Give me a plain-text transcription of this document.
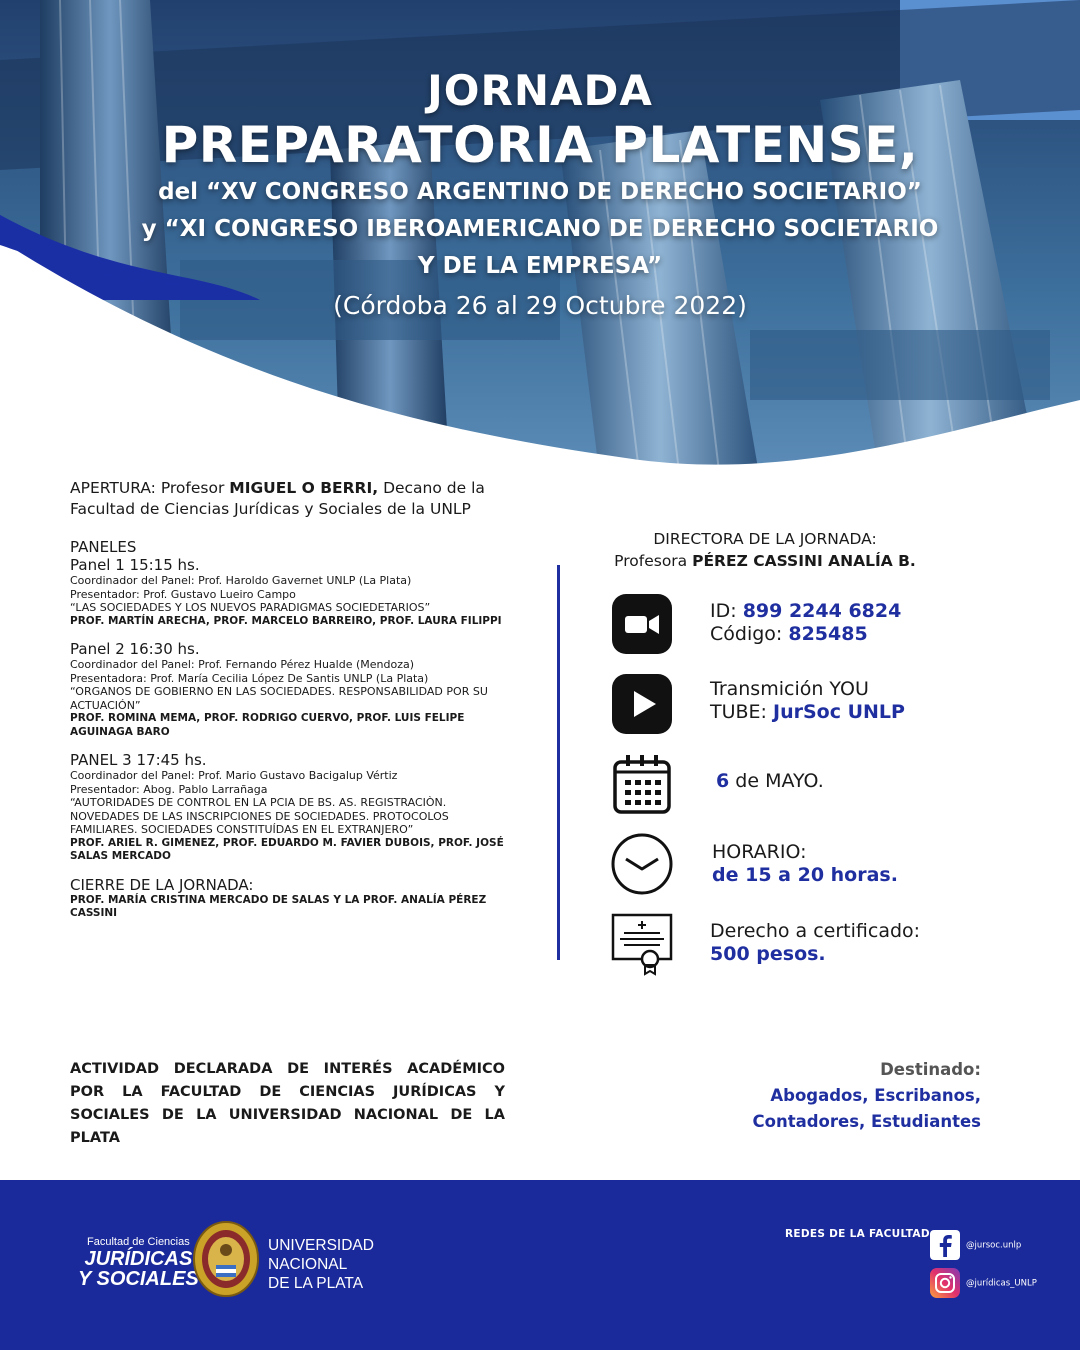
JORNADA
PREPARATORIA PLATENSE,
del “XV CONGRESO ARGENTINO DE DERECHO SOCIETARIO”
y “XI CONGRESO IBEROAMERICANO DE DERECHO SOCIETARIO
Y DE LA EMPRESA”
(Córdoba 26 al 29 Octubre 2022)
APERTURA: Profesor MIGUEL O BERRI, Decano de la Facultad de Ciencias Jurídicas y Sociales de la UNLP
PANELES
Panel 1 15:15 hs.
Coordinador del Panel: Prof. Haroldo Gavernet UNLP (La Plata)
Presentador: Prof. Gustavo Lueiro Campo
“LAS SOCIEDADES Y LOS NUEVOS PARADIGMAS SOCIEDETARIOS”
PROF. MARTÍN ARECHA, PROF. MARCELO BARREIRO, PROF. LAURA FILIPPI
Panel 2 16:30 hs.
Coordinador del Panel: Prof. Fernando Pérez Hualde (Mendoza)
Presentadora: Prof. María Cecilia López De Santis UNLP (La Plata)
“ORGANOS DE GOBIERNO EN LAS SOCIEDADES. RESPONSABILIDAD POR SU ACTUACIÓN”
PROF. ROMINA MEMA, PROF. RODRIGO CUERVO, PROF. LUIS FELIPE AGUINAGA BARO
PANEL 3 17:45 hs.
Coordinador del Panel: Prof. Mario Gustavo Bacigalup Vértiz
Presentador: Abog. Pablo Larrañaga
“AUTORIDADES DE CONTROL EN LA PCIA DE BS. AS. REGISTRACIÒN. NOVEDADES DE LAS INSCRIPCIONES DE SOCIEDADES. PROTOCOLOS FAMILIARES. SOCIEDADES CONSTITUÍDAS EN EL EXTRANJERO”
PROF. ARIEL R. GIMENEZ, PROF. EDUARDO M. FAVIER DUBOIS, PROF. JOSÉ SALAS MERCADO
CIERRE DE LA JORNADA:
PROF. MARÍA CRISTINA MERCADO DE SALAS Y LA PROF. ANALÍA PÉREZ CASSINI
ACTIVIDAD DECLARADA DE INTERÉS ACADÉMICO POR LA FACULTAD DE CIENCIAS JURÍDICAS Y SOCIALES DE LA UNIVERSIDAD NACIONAL DE LA PLATA
DIRECTORA DE LA JORNADA:
Profesora PÉREZ CASSINI ANALÍA B.
ID: 899 2244 6824
Código: 825485
Transmición YOU
TUBE: JurSoc UNLP
6 de MAYO.
HORARIO:
de 15 a 20 horas.
Derecho a certificado:
500 pesos.
Destinado:
Abogados, Escribanos,
Contadores, Estudiantes
Facultad de Ciencias
JURÍDICAS
Y SOCIALES
UNIVERSIDAD
NACIONAL
DE LA PLATA
REDES DE LA FACULTAD
@jursoc.unlp
@jurídicas_UNLP
